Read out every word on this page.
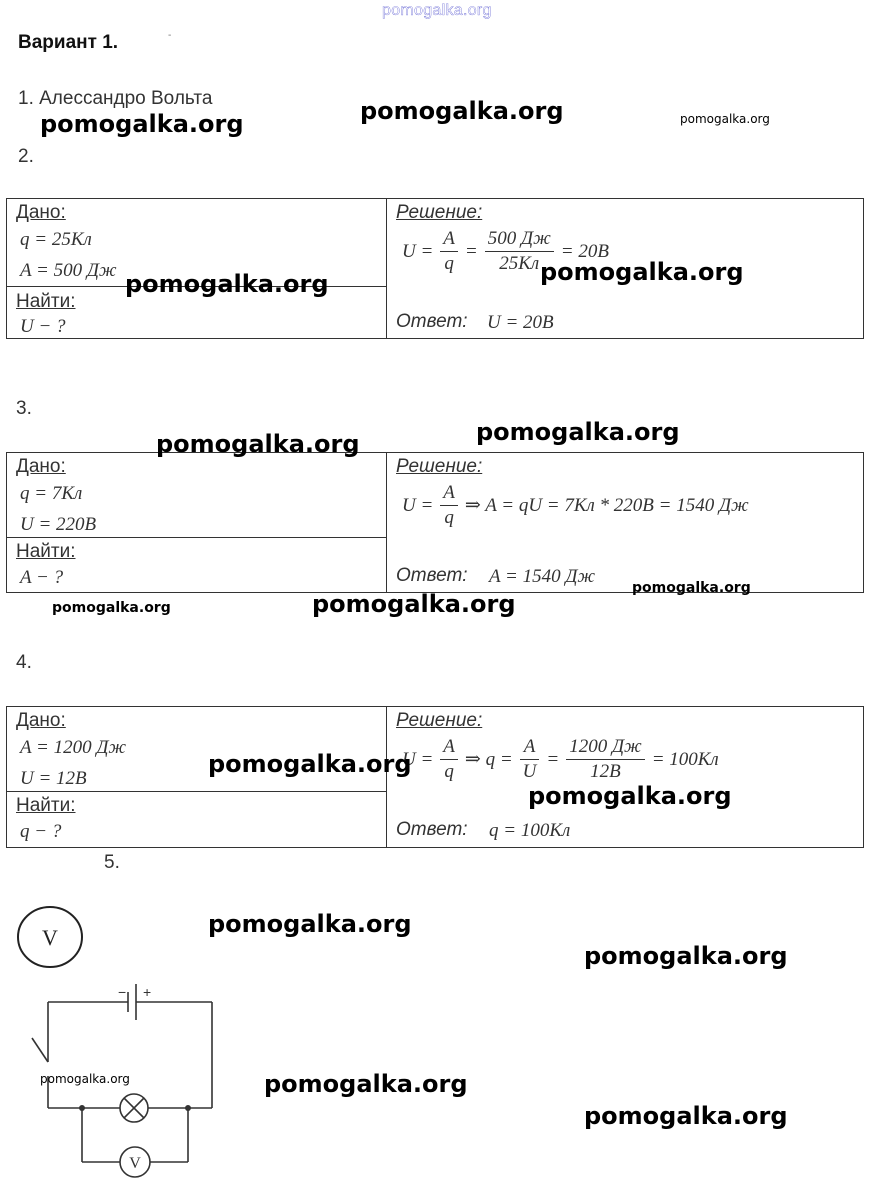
pomogalka.org
Вариант 1.	-
1. Алессандро Вольта
2.
Дано:
q = 25Кл
A = 500 Дж
Найти:
U − ?
Решение:
$U = \frac{A}{q} = \frac{500 Дж}{25Кл} = 20B$
Ответ: U = 20B
3.
Дано:
q = 7Кл
U = 220B
Найти:
A − ?
Решение:
$U = \frac{A}{q}$ ⇒ A = qU = 7Кл * 220B = 1540 Дж
Ответ: A = 1540 Дж
4.
Дано:
A = 1200 Дж
U = 12B
Найти:
q − ?
Решение:
$U = \frac{A}{q}$ ⇒ $q = \frac{A}{U} = \frac{1200 Дж}{12B} = 100Кл$
Ответ: q = 100Кл
5.
V
− +
V
pomogalka.org	pomogalka.org	pomogalka.org
pomogalka.org	pomogalka.org
pomogalka.org	pomogalka.org
pomogalka.org	pomogalka.org
pomogalka.org
pomogalka.org
pomogalka.org
pomogalka.org
pomogalka.org
pomogalka.org	pomogalka.org
pomogalka.org
